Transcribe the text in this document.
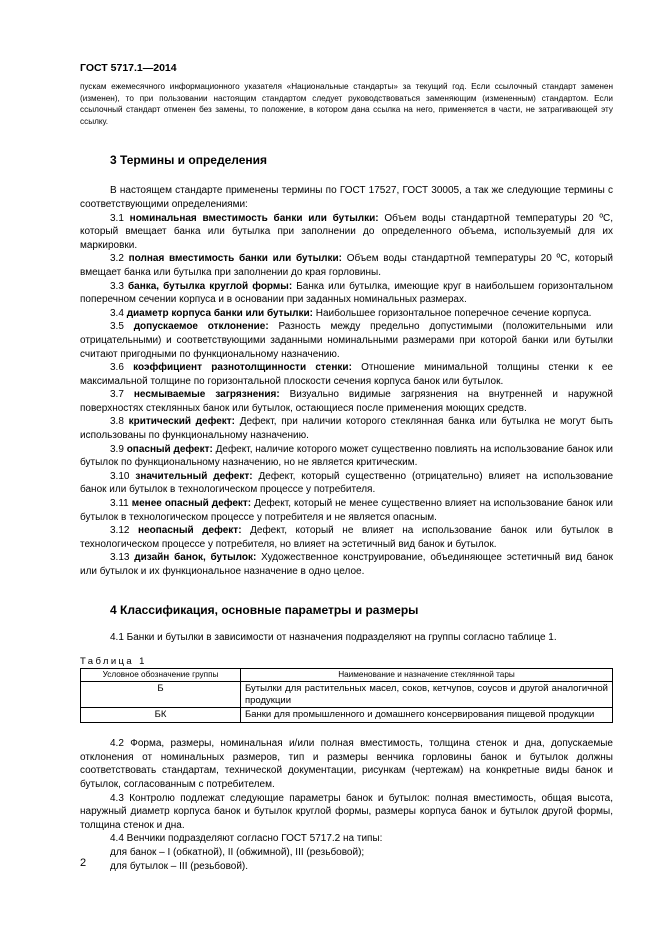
ГОСТ 5717.1—2014

пускам ежемесячного информационного указателя «Национальные стандарты» за текущий год. Если ссылочный стандарт заменен (изменен), то при пользовании настоящим стандартом следует руководствоваться заменяющим (измененным) стандартом. Если ссылочный стандарт отменен без замены, то положение, в котором дана ссылка на него, применяется в части, не затрагивающей эту ссылку.

3 Термины и определения

В настоящем стандарте применены термины по ГОСТ 17527, ГОСТ 30005, а так же следующие термины с соответствующими определениями:

3.1 номинальная вместимость банки или бутылки: Объем воды стандартной температуры 20 ºС, который вмещает банка или бутылка при заполнении до определенного объема, используемый для их маркировки.

3.2 полная вместимость банки или бутылки: Объем воды стандартной температуры 20 ºС, который вмещает банка или бутылка при заполнении до края горловины.

3.3 банка, бутылка круглой формы: Банка или бутылка, имеющие круг в наибольшем горизонтальном поперечном сечении корпуса и в основании при заданных номинальных размерах.

3.4 диаметр корпуса банки или бутылки: Наибольшее горизонтальное поперечное сечение корпуса.

3.5 допускаемое отклонение: Разность между предельно допустимыми (положительными или отрицательными) и соответствующими заданными номинальными размерами при которой банки или бутылки считают пригодными по функциональному назначению.

3.6 коэффициент разнотолщинности стенки: Отношение минимальной толщины стенки к ее максимальной толщине по горизонтальной плоскости сечения корпуса банок или бутылок.

3.7 несмываемые загрязнения: Визуально видимые загрязнения на внутренней и наружной поверхностях стеклянных банок или бутылок, остающиеся после применения моющих средств.

3.8 критический дефект: Дефект, при наличии которого стеклянная банка или бутылка не могут быть использованы по функциональному назначению.

3.9 опасный дефект: Дефект, наличие которого может существенно повлиять на использование банок или бутылок по функциональному назначению, но не является критическим.

3.10 значительный дефект: Дефект, который существенно (отрицательно) влияет на использование банок или бутылок в технологическом процессе у потребителя.

3.11 менее опасный дефект: Дефект, который не менее существенно влияет на использование банок или бутылок в технологическом процессе у потребителя и не является опасным.

3.12 неопасный дефект: Дефект, который не влияет на использование банок или бутылок в технологическом процессе у потребителя, но влияет на эстетичный вид банок и бутылок.

3.13 дизайн банок, бутылок: Художественное конструирование, объединяющее эстетичный вид банок или бутылок и их функциональное назначение в одно целое.

4 Классификация, основные параметры и размеры

4.1 Банки и бутылки в зависимости от назначения подразделяют на группы согласно таблице 1.

Таблица 1
Условное обозначение группы	Наименование и назначение стеклянной тары
Б	Бутылки для растительных масел, соков, кетчупов, соусов и другой аналогичной продукции
БК	Банки для промышленного и домашнего консервирования пищевой продукции

4.2 Форма, размеры, номинальная и/или полная вместимость, толщина стенок и дна, допускаемые отклонения от номинальных размеров, тип и размеры венчика горловины банок и бутылок должны соответствовать стандартам, технической документации, рисункам (чертежам) на конкретные виды банок и бутылок, согласованным с потребителем.

4.3 Контролю подлежат следующие параметры банок и бутылок: полная вместимость, общая высота, наружный диаметр корпуса банок и бутылок круглой формы, размеры корпуса банок и бутылок другой формы, толщина стенок и дна.

4.4 Венчики подразделяют согласно ГОСТ 5717.2 на типы:

для банок – I (обкатной), II (обжимной), III (резьбовой);

для бутылок – III (резьбовой).

2
